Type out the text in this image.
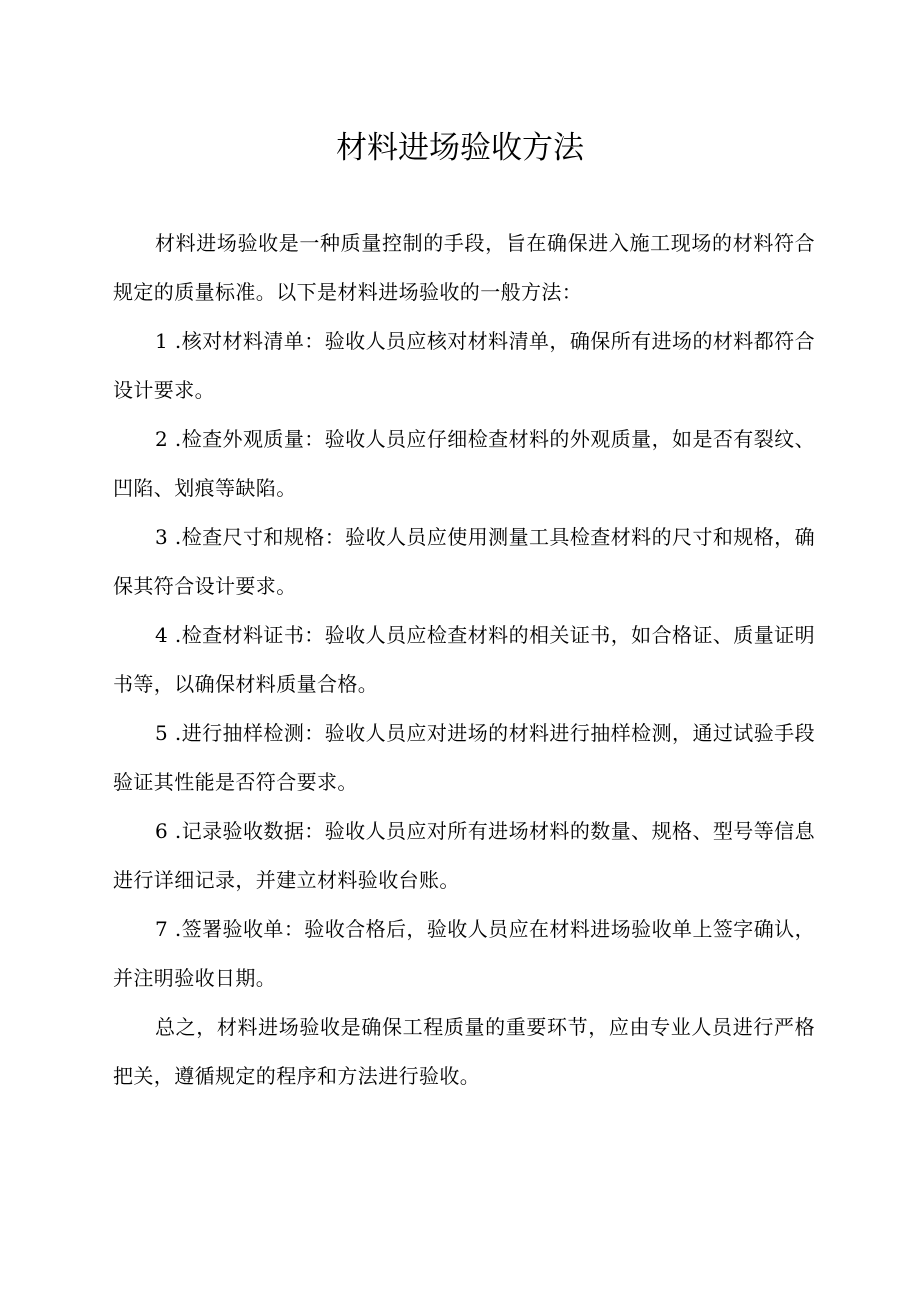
材料进场验收方法

材料进场验收是一种质量控制的手段，旨在确保进入施工现场的材料符合规定的质量标准。以下是材料进场验收的一般方法：

1 .核对材料清单：验收人员应核对材料清单，确保所有进场的材料都符合设计要求。

2 .检查外观质量：验收人员应仔细检查材料的外观质量，如是否有裂纹、凹陷、划痕等缺陷。

3 .检查尺寸和规格：验收人员应使用测量工具检查材料的尺寸和规格，确保其符合设计要求。

4 .检查材料证书：验收人员应检查材料的相关证书，如合格证、质量证明书等，以确保材料质量合格。

5 .进行抽样检测：验收人员应对进场的材料进行抽样检测，通过试验手段验证其性能是否符合要求。

6 .记录验收数据：验收人员应对所有进场材料的数量、规格、型号等信息进行详细记录，并建立材料验收台账。

7 .签署验收单：验收合格后，验收人员应在材料进场验收单上签字确认，并注明验收日期。

总之，材料进场验收是确保工程质量的重要环节，应由专业人员进行严格把关，遵循规定的程序和方法进行验收。
